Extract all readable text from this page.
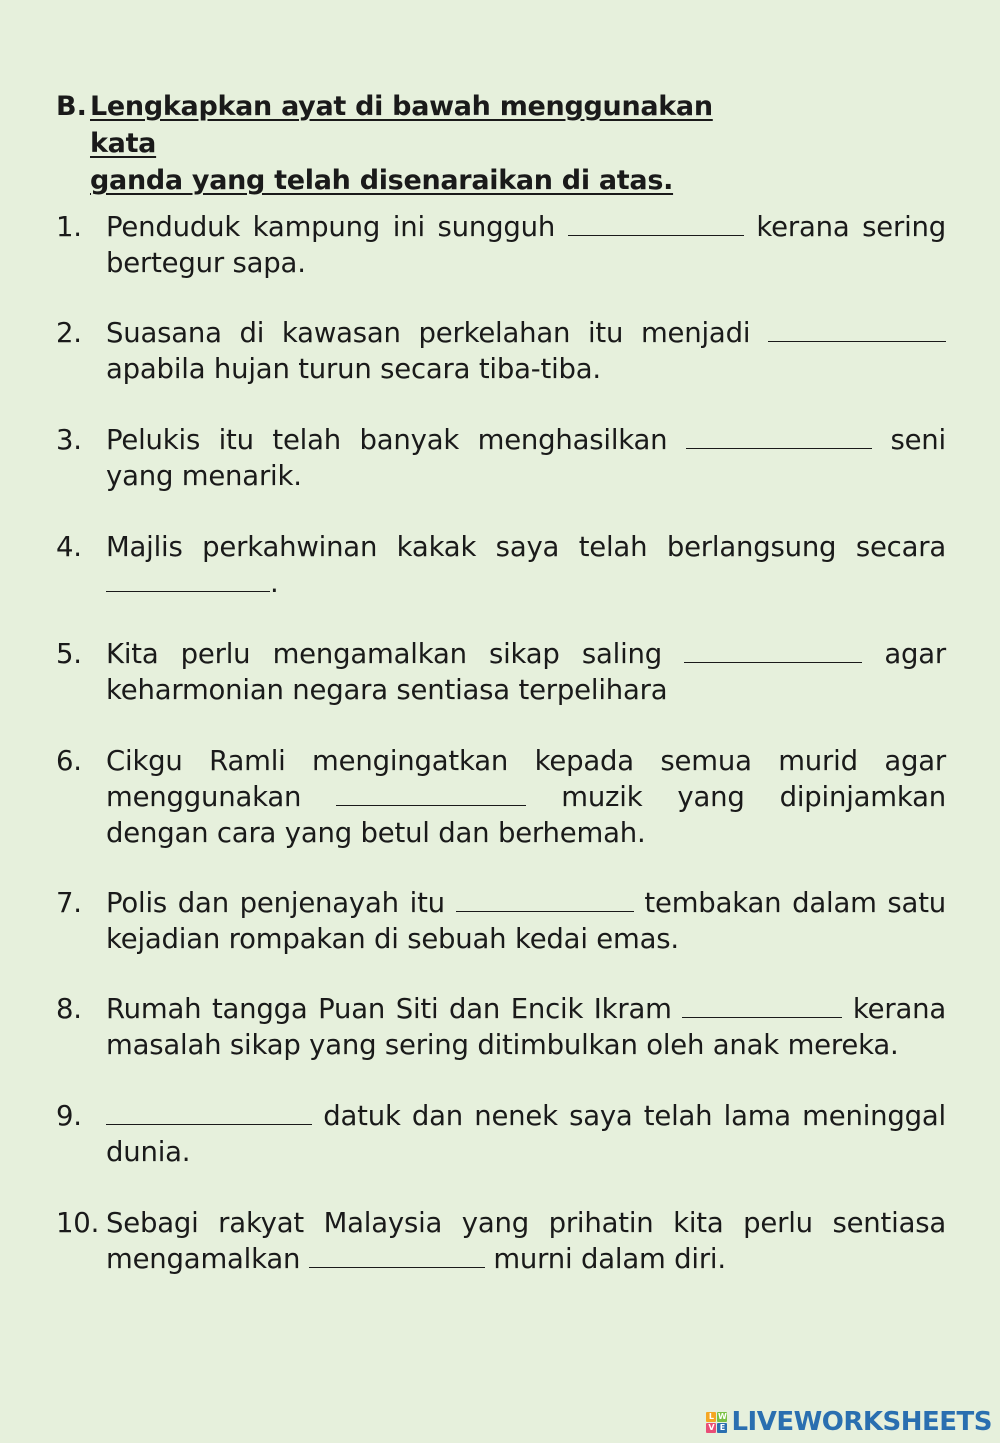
B. Lengkapkan ayat di bawah menggunakan kata
ganda yang telah disenaraikan di atas.
1. Penduduk kampung ini sungguh	kerana sering bertegur sapa.
2. Suasana di kawasan perkelahan itu menjadi  apabila hujan turun secara tiba-tiba.
3. Pelukis itu telah banyak menghasilkan	seni yang menarik.
4. Majlis perkahwinan kakak saya telah berlangsung secara .
5. Kita perlu mengamalkan sikap saling	agar keharmonian negara sentiasa terpelihara
6. Cikgu Ramli mengingatkan kepada semua murid agar menggunakan	muzik yang dipinjamkan dengan cara yang betul dan berhemah.
7. Polis dan penjenayah itu	tembakan dalam satu kejadian rompakan di sebuah kedai emas.
8. Rumah tangga Puan Siti dan Encik Ikram	kerana masalah sikap yang sering ditimbulkan oleh anak mereka.
9.	datuk dan nenek saya telah lama meninggal dunia.
10. Sebagi rakyat Malaysia yang prihatin kita perlu sentiasa mengamalkan	murni dalam diri.
L W
V E LIVEWORKSHEETS
